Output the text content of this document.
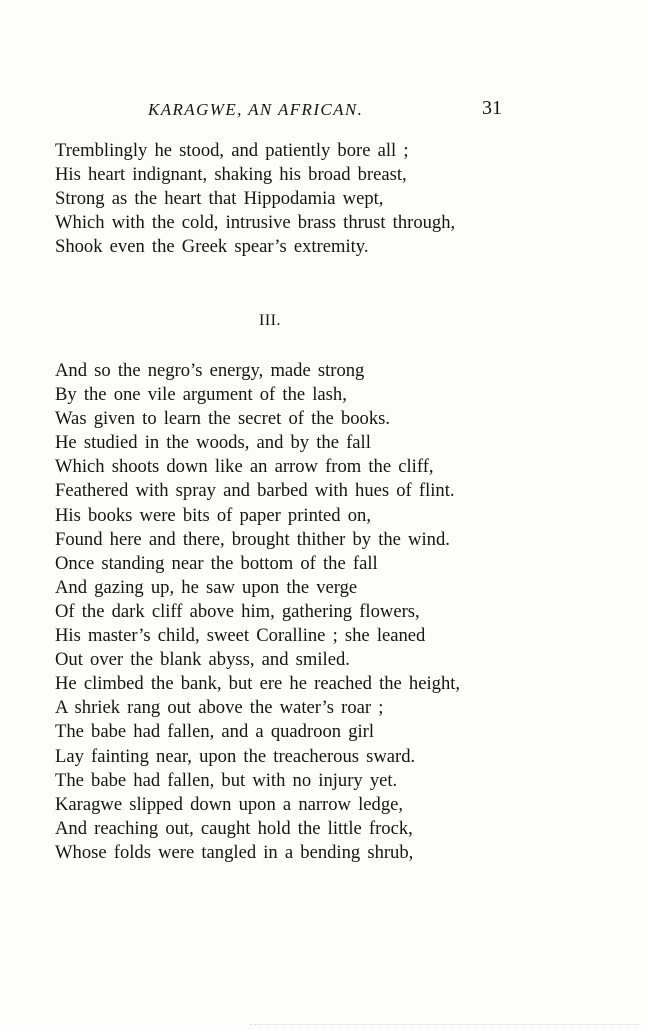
KARAGWE, AN AFRICAN.	31
Tremblingly he stood, and patiently bore all ;
His heart indignant, shaking his broad breast,
Strong as the heart that Hippodamia wept,
Which with the cold, intrusive brass thrust through,
Shook even the Greek spear’s extremity.
III.
And so the negro’s energy, made strong
By the one vile argument of the lash,
Was given to learn the secret of the books.
He studied in the woods, and by the fall
Which shoots down like an arrow from the cliff,
Feathered with spray and barbed with hues of flint.
His books were bits of paper printed on,
Found here and there, brought thither by the wind.
Once standing near the bottom of the fall
And gazing up, he saw upon the verge
Of the dark cliff above him, gathering flowers,
His master’s child, sweet Coralline ; she leaned
Out over the blank abyss, and smiled.
He climbed the bank, but ere he reached the height,
A shriek rang out above the water’s roar ;
The babe had fallen, and a quadroon girl
Lay fainting near, upon the treacherous sward.
The babe had fallen, but with no injury yet.
Karagwe slipped down upon a narrow ledge,
And reaching out, caught hold the little frock,
Whose folds were tangled in a bending shrub,
